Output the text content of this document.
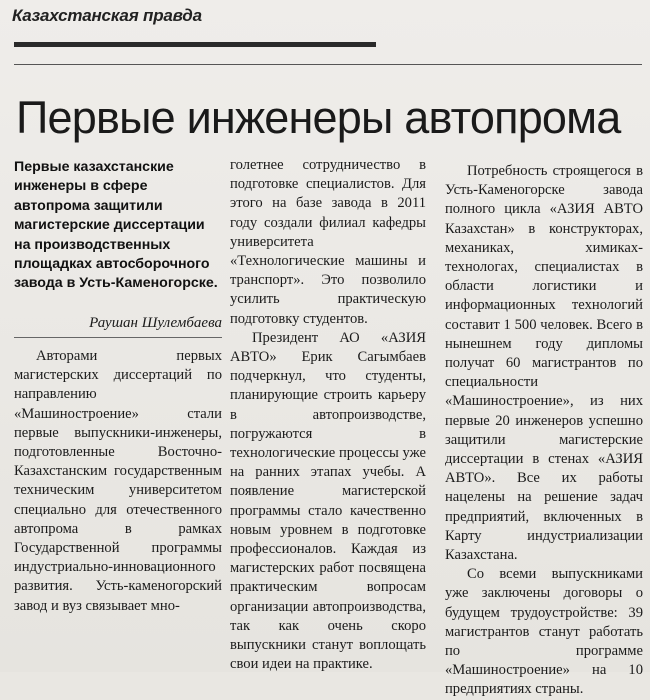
Казахстанская правда
Первые инженеры автопрома

Первые казахстанские инженеры в сфере автопрома защитили магистерские диссертации на производственных площадках автосборочного завода в Усть-Каменогорске.

Раушан Шулембаева

Авторами первых магистерских диссертаций по направлению «Машиностроение» стали первые выпускники-инженеры, подготовленные Восточно-Казахстанским государственным техническим университетом специально для отечественного автопрома в рамках Государственной программы индустриально-инновационного развития. Усть-каменогорский завод и вуз связывает мно-

голетнее сотрудничество в подготовке специалистов. Для этого на базе завода в 2011 году создали филиал кафедры университета «Технологические машины и транспорт». Это позволило усилить практическую подготовку студентов.

Президент АО «АЗИЯ АВТО» Ерик Сагымбаев подчеркнул, что студенты, планирующие строить карьеру в автопроизводстве, погружаются в технологические процессы уже на ранних этапах учебы. А появление магистерской программы стало качественно новым уровнем в подготовке профессионалов. Каждая из магистерских работ посвящена практическим вопросам организации автопроизводства, так как очень скоро выпускники станут воплощать свои идеи на практике.

Потребность строящегося в Усть-Каменогорске завода полного цикла «АЗИЯ АВТО Казахстан» в конструкторах, механиках, химиках-технологах, специалистах в области логистики и информационных технологий составит 1 500 человек. Всего в нынешнем году дипломы получат 60 магистрантов по специальности «Машиностроение», из них первые 20 инженеров успешно защитили магистерские диссертации в стенах «АЗИЯ АВТО». Все их работы нацелены на решение задач предприятий, включенных в Карту индустриализации Казахстана.

Со всеми выпускниками уже заключены договоры о будущем трудоустройстве: 39 магистрантов станут работать по программе «Машиностроение» на 10 предприятиях страны.
